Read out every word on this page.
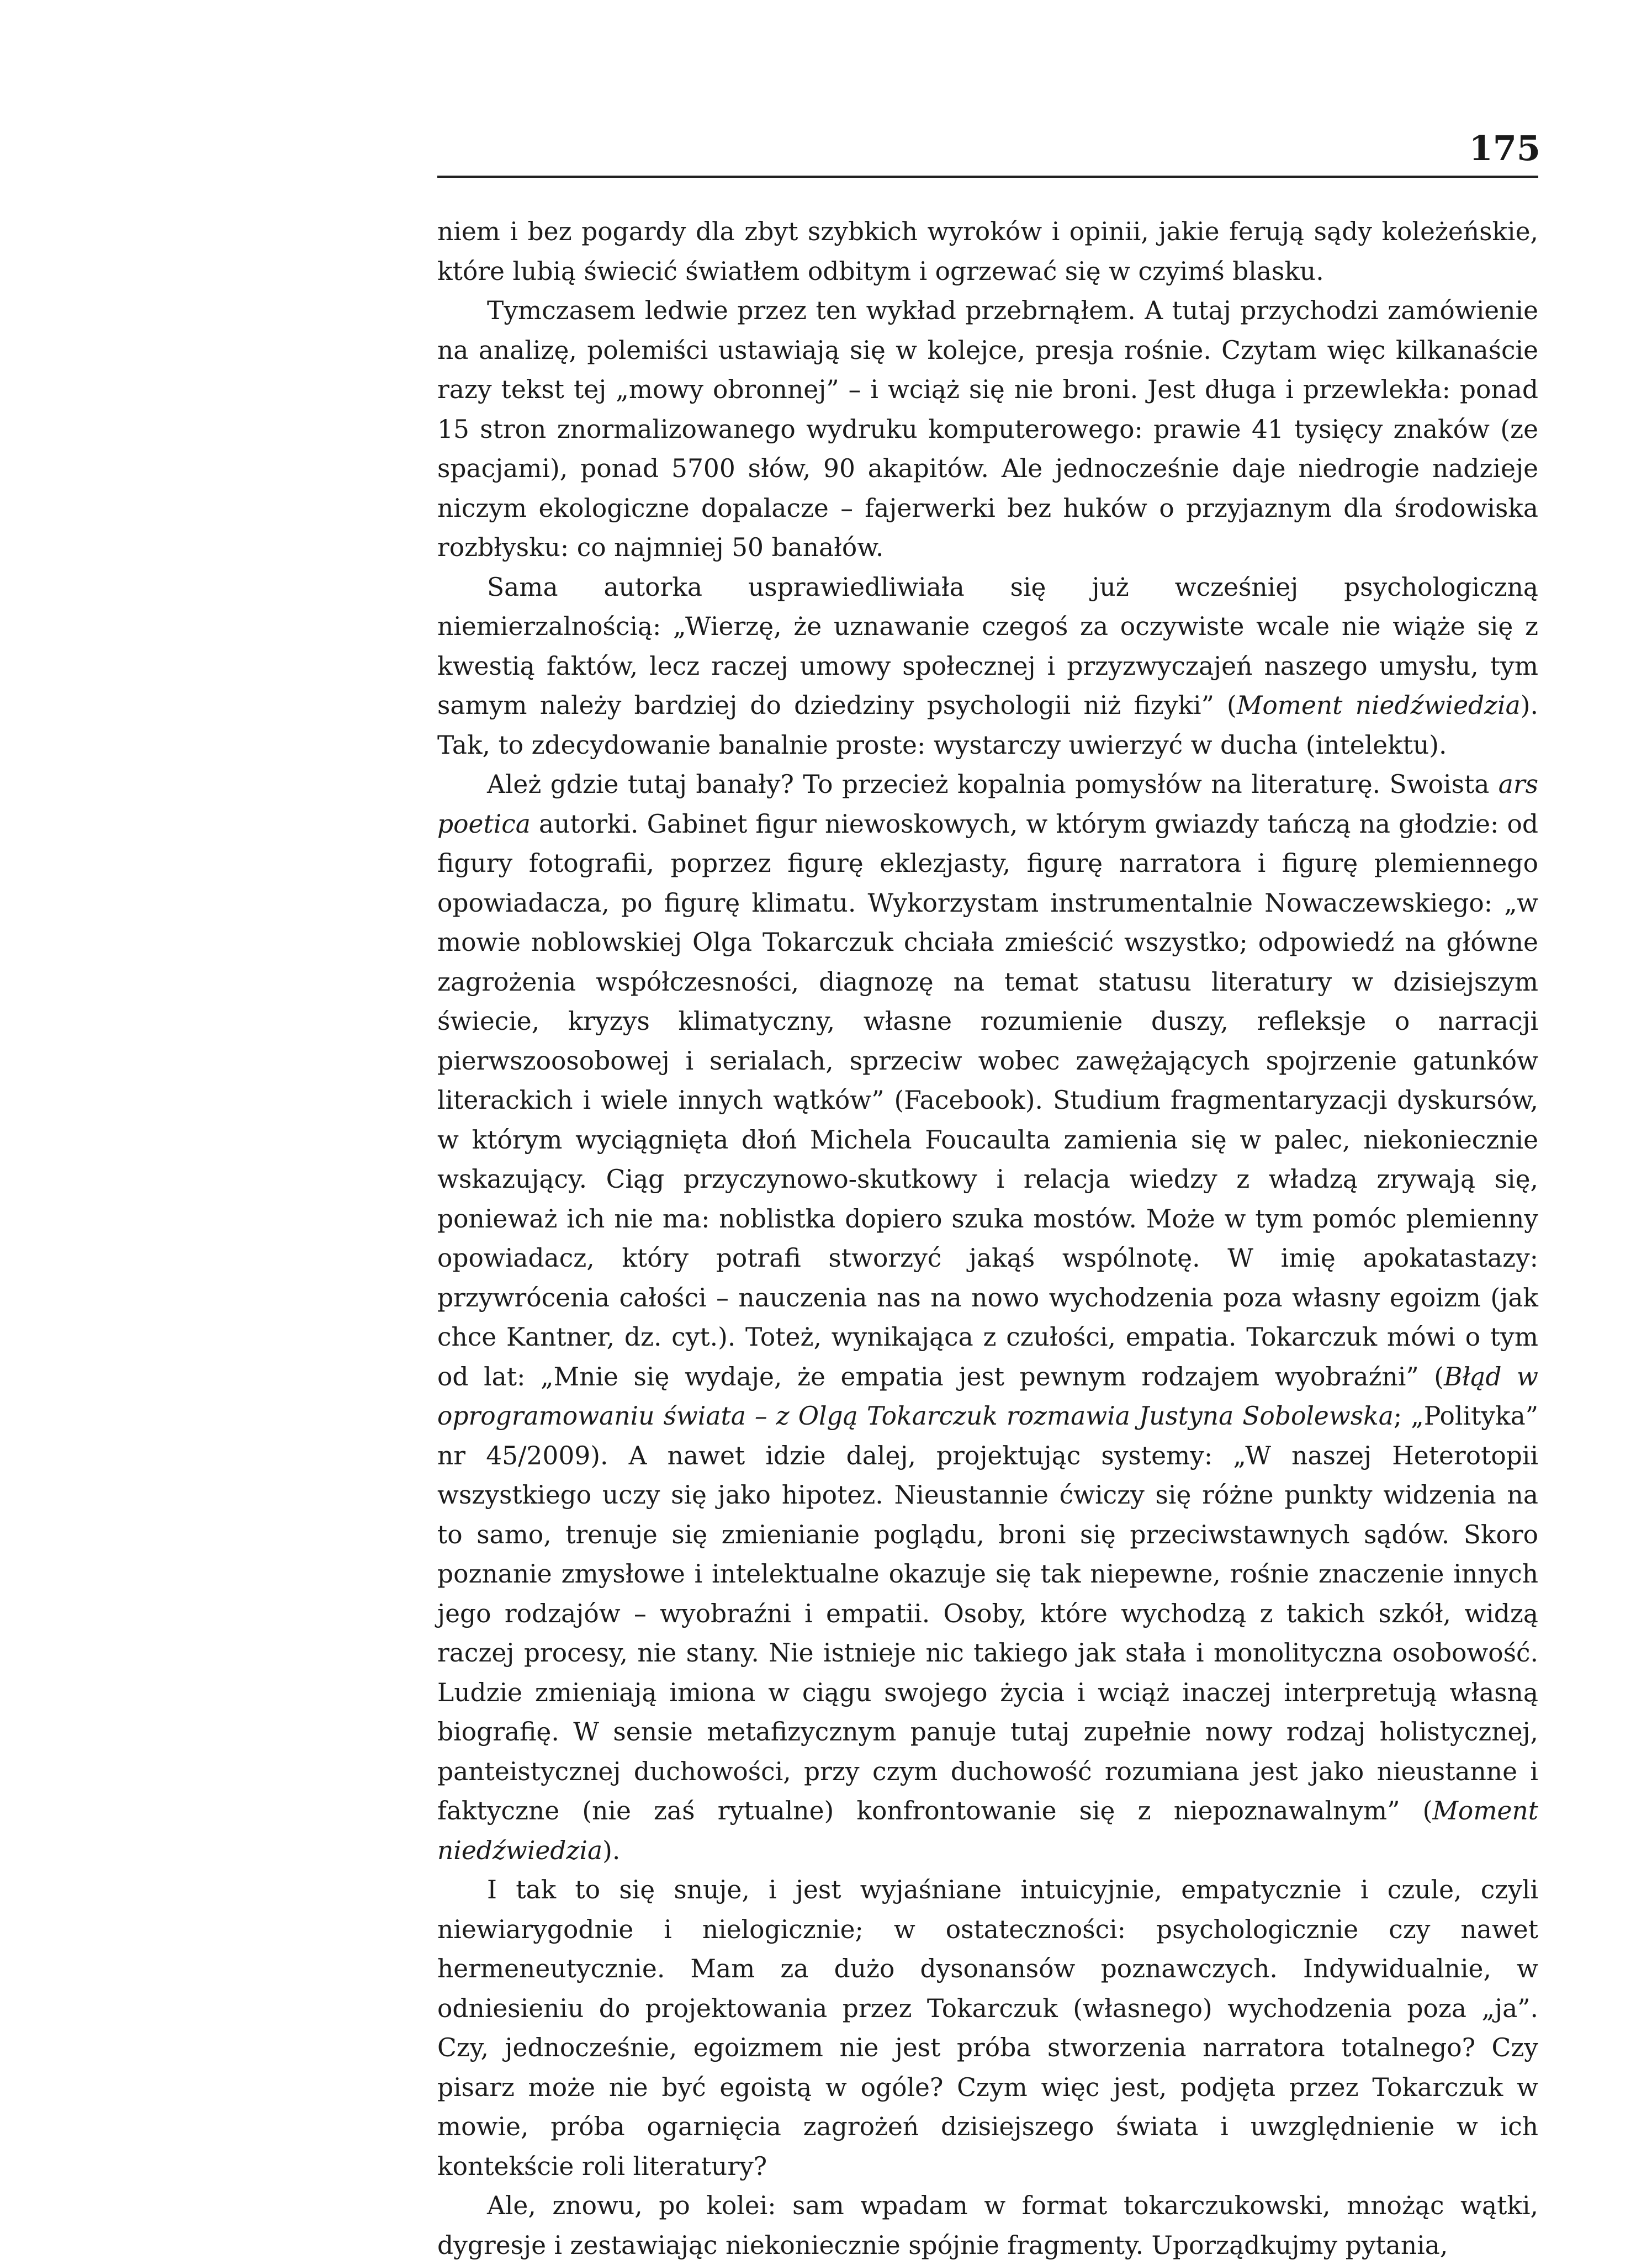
175

niem i bez pogardy dla zbyt szybkich wyroków i opinii, jakie ferują sądy koleżeńskie, które lubią świecić światłem odbitym i ogrzewać się w czyimś blasku.

Tymczasem ledwie przez ten wykład przebrnąłem. A tutaj przychodzi zamówienie na analizę, polemiści ustawiają się w kolejce, presja rośnie. Czytam więc kilkanaście razy tekst tej „mowy obronnej” – i wciąż się nie broni. Jest długa i przewlekła: ponad 15 stron znormalizowanego wydruku komputerowego: prawie 41 tysięcy znaków (ze spacjami), ponad 5700 słów, 90 akapitów. Ale jednocześnie daje niedrogie nadzieje niczym ekologiczne dopalacze – fajerwerki bez huków o przyjaznym dla środowiska rozbłysku: co najmniej 50 banałów.

Sama autorka usprawiedliwiała się już wcześniej psychologiczną niemierzalnością: „Wierzę, że uznawanie czegoś za oczywiste wcale nie wiąże się z kwestią faktów, lecz raczej umowy społecznej i przyzwyczajeń naszego umysłu, tym samym należy bardziej do dziedziny psychologii niż fizyki” (Moment niedźwiedzia). Tak, to zdecydowanie banalnie proste: wystarczy uwierzyć w ducha (intelektu).

Ależ gdzie tutaj banały? To przecież kopalnia pomysłów na literaturę. Swoista ars poetica autorki. Gabinet figur niewoskowych, w którym gwiazdy tańczą na głodzie: od figury fotografii, poprzez figurę eklezjasty, figurę narratora i figurę plemiennego opowiadacza, po figurę klimatu. Wykorzystam instrumentalnie Nowaczewskiego: „w mowie noblowskiej Olga Tokarczuk chciała zmieścić wszystko; odpowiedź na główne zagrożenia współczesności, diagnozę na temat statusu literatury w dzisiejszym świecie, kryzys klimatyczny, własne rozumienie duszy, refleksje o narracji pierwszoosobowej i serialach, sprzeciw wobec zawężających spojrzenie gatunków literackich i wiele innych wątków” (Facebook). Studium fragmentaryzacji dyskursów, w którym wyciągnięta dłoń Michela Foucaulta zamienia się w palec, niekoniecznie wskazujący. Ciąg przyczynowo-skutkowy i relacja wiedzy z władzą zrywają się, ponieważ ich nie ma: noblistka dopiero szuka mostów. Może w tym pomóc plemienny opowiadacz, który potrafi stworzyć jakąś wspólnotę. W imię apokatastazy: przywrócenia całości – nauczenia nas na nowo wychodzenia poza własny egoizm (jak chce Kantner, dz. cyt.). Toteż, wynikająca z czułości, empatia. Tokarczuk mówi o tym od lat: „Mnie się wydaje, że empatia jest pewnym rodzajem wyobraźni” (Błąd w oprogramowaniu świata – z Olgą Tokarczuk rozmawia Justyna Sobolewska; „Polityka” nr 45/2009). A nawet idzie dalej, projektując systemy: „W naszej Heterotopii wszystkiego uczy się jako hipotez. Nieustannie ćwiczy się różne punkty widzenia na to samo, trenuje się zmienianie poglądu, broni się przeciwstawnych sądów. Skoro poznanie zmysłowe i intelektualne okazuje się tak niepewne, rośnie znaczenie innych jego rodzajów – wyobraźni i empatii. Osoby, które wychodzą z takich szkół, widzą raczej procesy, nie stany. Nie istnieje nic takiego jak stała i monolityczna osobowość. Ludzie zmieniają imiona w ciągu swojego życia i wciąż inaczej interpretują własną biografię. W sensie metafizycznym panuje tutaj zupełnie nowy rodzaj holistycznej, panteistycznej duchowości, przy czym duchowość rozumiana jest jako nieustanne i faktyczne (nie zaś rytualne) konfrontowanie się z niepoznawalnym” (Moment niedźwiedzia).

I tak to się snuje, i jest wyjaśniane intuicyjnie, empatycznie i czule, czyli niewiarygodnie i nielogicznie; w ostateczności: psychologicznie czy nawet hermeneutycznie. Mam za dużo dysonansów poznawczych. Indywidualnie, w odniesieniu do projektowania przez Tokarczuk (własnego) wychodzenia poza „ja”. Czy, jednocześnie, egoizmem nie jest próba stworzenia narratora totalnego? Czy pisarz może nie być egoistą w ogóle? Czym więc jest, podjęta przez Tokarczuk w mowie, próba ogarnięcia zagrożeń dzisiejszego świata i uwzględnienie w ich kontekście roli literatury?

Ale, znowu, po kolei: sam wpadam w format tokarczukowski, mnożąc wątki, dygresje i zestawiając niekoniecznie spójnie fragmenty. Uporządkujmy pytania,
